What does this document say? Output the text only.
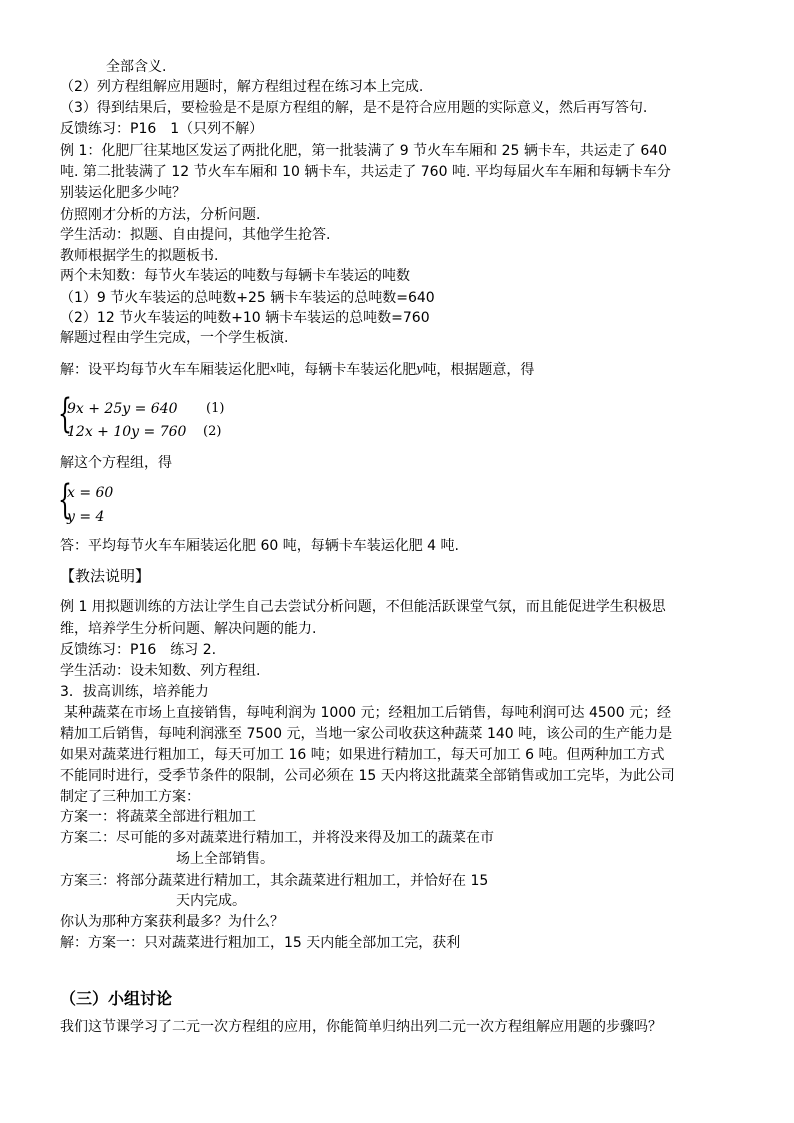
全部含义.
（2）列方程组解应用题时，解方程组过程在练习本上完成.
（3）得到结果后，要检验是不是原方程组的解，是不是符合应用题的实际意义，然后再写答句.
反馈练习：P16　1（只列不解）
例 1：化肥厂往某地区发运了两批化肥，第一批装满了 9 节火车车厢和 25 辆卡车，共运走了 640
吨. 第二批装满了 12 节火车车厢和 10 辆卡车，共运走了 760 吨. 平均每届火车车厢和每辆卡车分
别装运化肥多少吨？
仿照刚才分析的方法，分析问题.
学生活动：拟题、自由提问，其他学生抢答.
教师根据学生的拟题板书.
两个未知数：每节火车装运的吨数与每辆卡车装运的吨数
（1）9 节火车装运的总吨数+25 辆卡车装运的总吨数=640
（2）12 节火车装运的吨数+10 辆卡车装运的总吨数=760
解题过程由学生完成，一个学生板演.
解：设平均每节火车车厢装运化肥x吨，每辆卡车装运化肥y吨，根据题意，得
{
9x + 25y = 640 (1)
12x + 10y = 760 (2)
解这个方程组，得
{
x = 60
y = 4
答：平均每节火车车厢装运化肥 60 吨，每辆卡车装运化肥 4 吨.
【教法说明】
例 1 用拟题训练的方法让学生自己去尝试分析问题，不但能活跃课堂气氛，而且能促进学生积极思
维，培养学生分析问题、解决问题的能力.
反馈练习：P16　练习 2.
学生活动：设未知数、列方程组.
3．拔高训练，培养能力
某种蔬菜在市场上直接销售，每吨利润为 1000 元；经粗加工后销售，每吨利润可达 4500 元；经
精加工后销售，每吨利润涨至 7500 元，当地一家公司收获这种蔬菜 140 吨，该公司的生产能力是
如果对蔬菜进行粗加工，每天可加工 16 吨；如果进行精加工，每天可加工 6 吨。但两种加工方式
不能同时进行，受季节条件的限制，公司必须在 15 天内将这批蔬菜全部销售或加工完毕，为此公司
制定了三种加工方案：
方案一：将蔬菜全部进行粗加工
方案二：尽可能的多对蔬菜进行精加工，并将没来得及加工的蔬菜在市
场上全部销售。
方案三：将部分蔬菜进行精加工，其余蔬菜进行粗加工，并恰好在 15
天内完成。
你认为那种方案获利最多？为什么？
解：方案一：只对蔬菜进行粗加工，15 天内能全部加工完，获利
（三）小组讨论
我们这节课学习了二元一次方程组的应用，你能简单归纳出列二元一次方程组解应用题的步骤吗？
